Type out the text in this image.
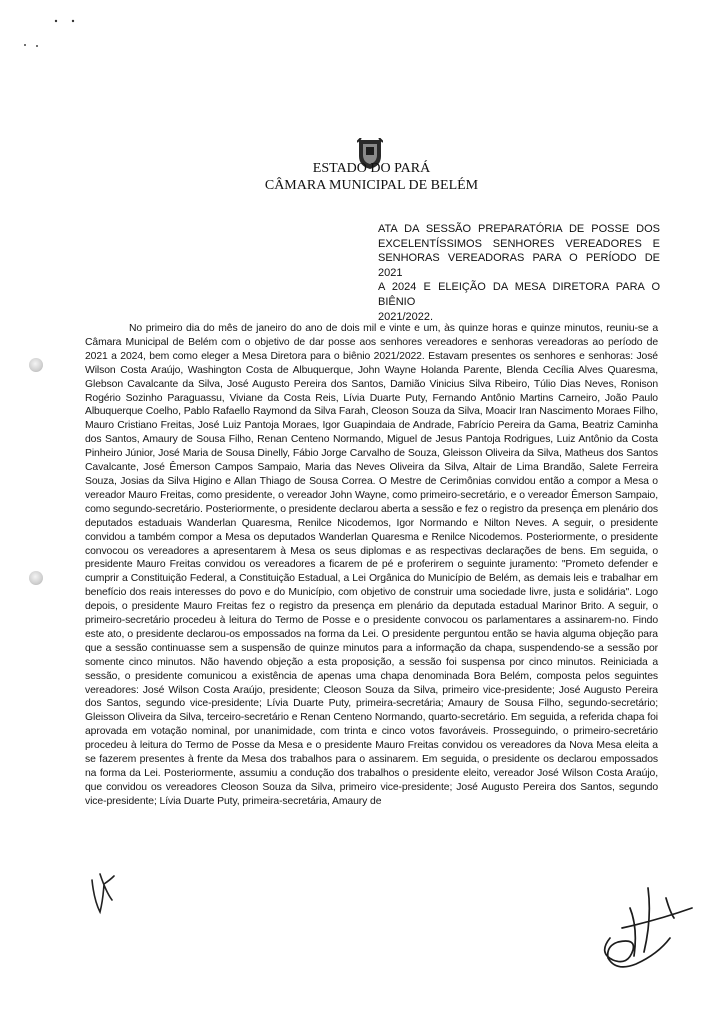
ESTADO DO PARÁ
CÂMARA MUNICIPAL DE BELÉM
ATA DA SESSÃO PREPARATÓRIA DE POSSE DOS
EXCELENTÍSSIMOS SENHORES VEREADORES E
SENHORAS VEREADORAS PARA O PERÍODO DE 2021
A 2024 E ELEIÇÃO DA MESA DIRETORA PARA O BIÊNIO
2021/2022.
No primeiro dia do mês de janeiro do ano de dois mil e vinte e um, às quinze horas e quinze minutos, reuniu-se a Câmara Municipal de Belém com o objetivo de dar posse aos senhores vereadores e senhoras vereadoras ao período de 2021 a 2024, bem como eleger a Mesa Diretora para o biênio 2021/2022. Estavam presentes os senhores e senhoras: José Wilson Costa Araújo, Washington Costa de Albuquerque, John Wayne Holanda Parente, Blenda Cecília Alves Quaresma, Glebson Cavalcante da Silva, José Augusto Pereira dos Santos, Damião Vinicius Silva Ribeiro, Túlio Dias Neves, Ronison Rogério Sozinho Paraguassu, Viviane da Costa Reis, Lívia Duarte Puty, Fernando Antônio Martins Carneiro, João Paulo Albuquerque Coelho, Pablo Rafaello Raymond da Silva Farah, Cleoson Souza da Silva, Moacir Iran Nascimento Moraes Filho, Mauro Cristiano Freitas, José Luiz Pantoja Moraes, Igor Guapindaia de Andrade, Fabrício Pereira da Gama, Beatriz Caminha dos Santos, Amaury de Sousa Filho, Renan Centeno Normando, Miguel de Jesus Pantoja Rodrigues, Luiz Antônio da Costa Pinheiro Júnior, José Maria de Sousa Dinelly, Fábio Jorge Carvalho de Souza, Gleisson Oliveira da Silva, Matheus dos Santos Cavalcante, José Êmerson Campos Sampaio, Maria das Neves Oliveira da Silva, Altair de Lima Brandão, Salete Ferreira Souza, Josias da Silva Higino e Allan Thiago de Sousa Correa. O Mestre de Cerimônias convidou então a compor a Mesa o vereador Mauro Freitas, como presidente, o vereador John Wayne, como primeiro-secretário, e o vereador Êmerson Sampaio, como segundo-secretário. Posteriormente, o presidente declarou aberta a sessão e fez o registro da presença em plenário dos deputados estaduais Wanderlan Quaresma, Renilce Nicodemos, Igor Normando e Nilton Neves. A seguir, o presidente convidou a também compor a Mesa os deputados Wanderlan Quaresma e Renilce Nicodemos. Posteriormente, o presidente convocou os vereadores a apresentarem à Mesa os seus diplomas e as respectivas declarações de bens. Em seguida, o presidente Mauro Freitas convidou os vereadores a ficarem de pé e proferirem o seguinte juramento: "Prometo defender e cumprir a Constituição Federal, a Constituição Estadual, a Lei Orgânica do Município de Belém, as demais leis e trabalhar em benefício dos reais interesses do povo e do Município, com objetivo de construir uma sociedade livre, justa e solidária". Logo depois, o presidente Mauro Freitas fez o registro da presença em plenário da deputada estadual Marinor Brito. A seguir, o primeiro-secretário procedeu à leitura do Termo de Posse e o presidente convocou os parlamentares a assinarem-no. Findo este ato, o presidente declarou-os empossados na forma da Lei. O presidente perguntou então se havia alguma objeção para que a sessão continuasse sem a suspensão de quinze minutos para a informação da chapa, suspendendo-se a sessão por somente cinco minutos. Não havendo objeção a esta proposição, a sessão foi suspensa por cinco minutos. Reiniciada a sessão, o presidente comunicou a existência de apenas uma chapa denominada Bora Belém, composta pelos seguintes vereadores: José Wilson Costa Araújo, presidente; Cleoson Souza da Silva, primeiro vice-presidente; José Augusto Pereira dos Santos, segundo vice-presidente; Lívia Duarte Puty, primeira-secretária; Amaury de Sousa Filho, segundo-secretário; Gleisson Oliveira da Silva, terceiro-secretário e Renan Centeno Normando, quarto-secretário. Em seguida, a referida chapa foi aprovada em votação nominal, por unanimidade, com trinta e cinco votos favoráveis. Prosseguindo, o primeiro-secretário procedeu à leitura do Termo de Posse da Mesa e o presidente Mauro Freitas convidou os vereadores da Nova Mesa eleita a se fazerem presentes à frente da Mesa dos trabalhos para o assinarem. Em seguida, o presidente os declarou empossados na forma da Lei. Posteriormente, assumiu a condução dos trabalhos o presidente eleito, vereador José Wilson Costa Araújo, que convidou os vereadores Cleoson Souza da Silva, primeiro vice-presidente; José Augusto Pereira dos Santos, segundo vice-presidente; Lívia Duarte Puty, primeira-secretária, Amaury de
